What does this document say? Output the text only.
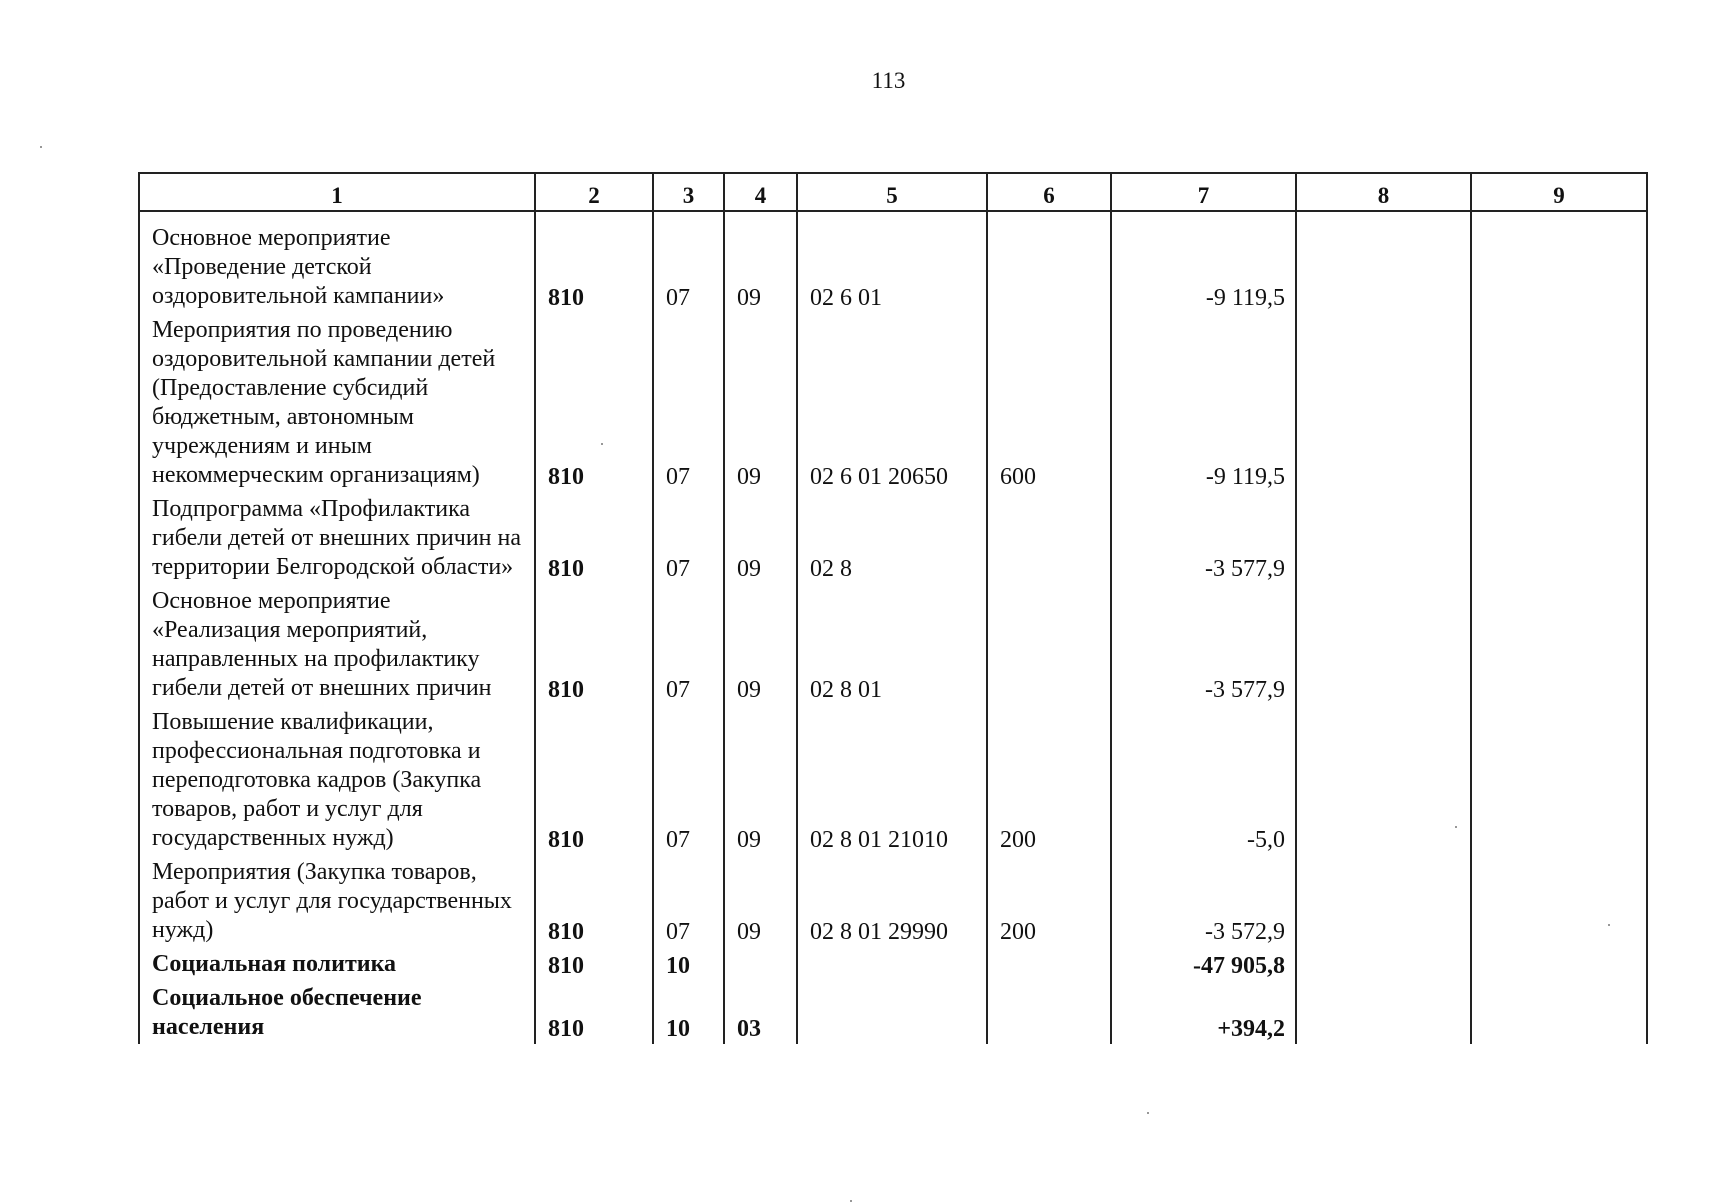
113
1	2	3	4	5	6	7	8	9
Основное мероприятие «Проведение детской оздоровительной кампании»	810	07	09	02 6 01		-9 119,5		
Мероприятия по проведению оздоровительной кампании детей (Предоставление субсидий бюджетным, автономным учреждениям и иным некоммерческим организациям)	810	07	09	02 6 01 20650	600	-9 119,5		
Подпрограмма «Профилактика гибели детей от внешних причин на территории Белгородской области»	810	07	09	02 8		-3 577,9		
Основное мероприятие «Реализация мероприятий, направленных на профилактику гибели детей от внешних причин	810	07	09	02 8 01		-3 577,9		
Повышение квалификации, профессиональная подготовка и переподготовка кадров (Закупка товаров, работ и услуг для государственных нужд)	810	07	09	02 8 01 21010	200	-5,0		
Мероприятия (Закупка товаров, работ и услуг для государственных нужд)	810	07	09	02 8 01 29990	200	-3 572,9		
Социальная политика	810	10				-47 905,8		
Социальное обеспечение населения	810	10	03			+394,2		
